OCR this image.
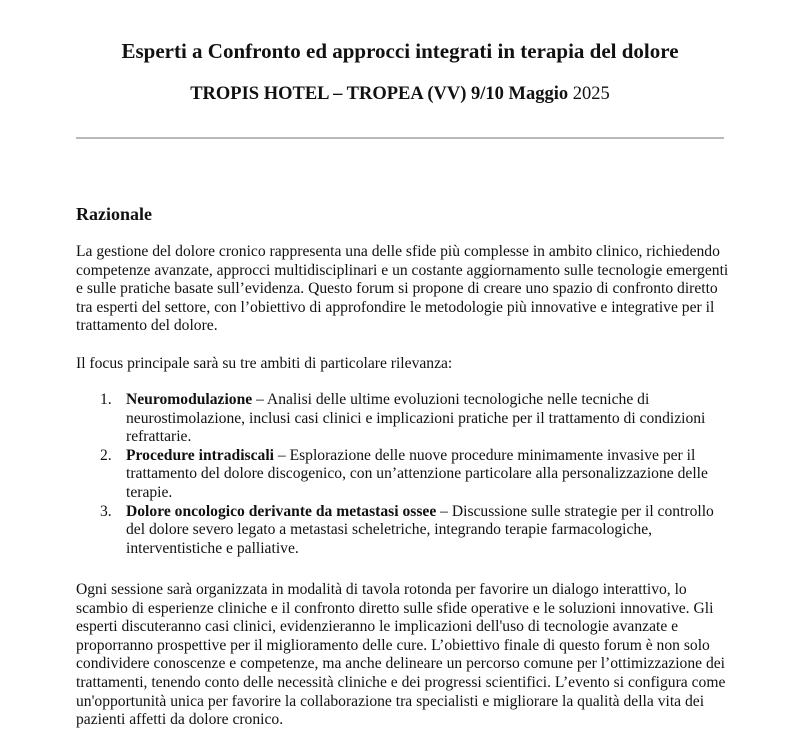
Esperti a Confronto ed approcci integrati in terapia del dolore

TROPIS HOTEL – TROPEA (VV) 9/10 Maggio 2025

Razionale

La gestione del dolore cronico rappresenta una delle sfide più complesse in ambito clinico, richiedendo competenze avanzate, approcci multidisciplinari e un costante aggiornamento sulle tecnologie emergenti e sulle pratiche basate sull’evidenza. Questo forum si propone di creare uno spazio di confronto diretto tra esperti del settore, con l’obiettivo di approfondire le metodologie più innovative e integrative per il trattamento del dolore.

Il focus principale sarà su tre ambiti di particolare rilevanza:

1. Neuromodulazione – Analisi delle ultime evoluzioni tecnologiche nelle tecniche di neurostimolazione, inclusi casi clinici e implicazioni pratiche per il trattamento di condizioni refrattarie.
2. Procedure intradiscali – Esplorazione delle nuove procedure minimamente invasive per il trattamento del dolore discogenico, con un’attenzione particolare alla personalizzazione delle terapie.
3. Dolore oncologico derivante da metastasi ossee – Discussione sulle strategie per il controllo del dolore severo legato a metastasi scheletriche, integrando terapie farmacologiche, interventistiche e palliative.

Ogni sessione sarà organizzata in modalità di tavola rotonda per favorire un dialogo interattivo, lo scambio di esperienze cliniche e il confronto diretto sulle sfide operative e le soluzioni innovative. Gli esperti discuteranno casi clinici, evidenzieranno le implicazioni dell'uso di tecnologie avanzate e proporranno prospettive per il miglioramento delle cure. L’obiettivo finale di questo forum è non solo condividere conoscenze e competenze, ma anche delineare un percorso comune per l’ottimizzazione dei trattamenti, tenendo conto delle necessità cliniche e dei progressi scientifici. L’evento si configura come un'opportunità unica per favorire la collaborazione tra specialisti e migliorare la qualità della vita dei pazienti affetti da dolore cronico.
